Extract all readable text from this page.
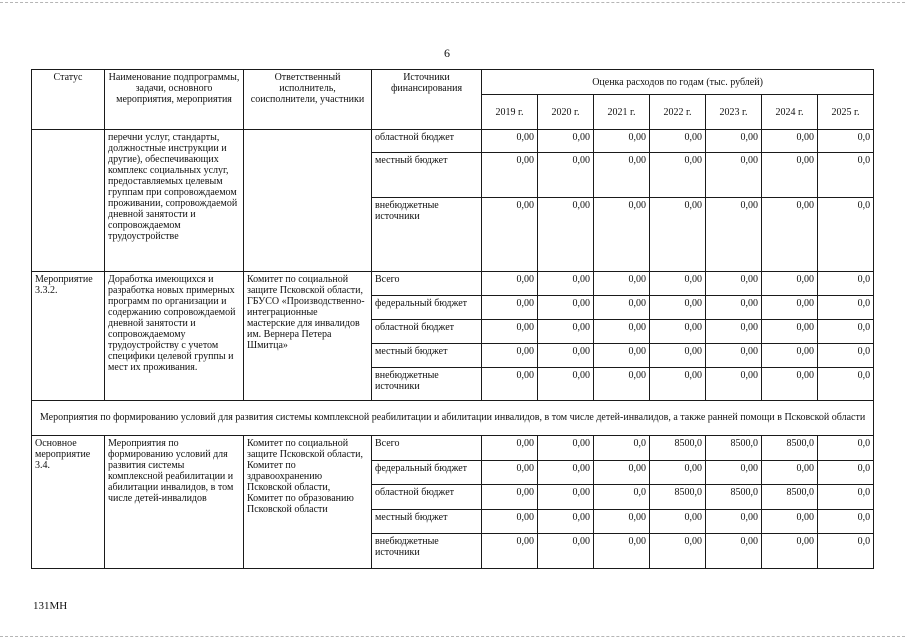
6
Статус	Наименование подпрограммы, задачи, основного мероприятия, мероприятия	Ответственный исполнитель, соисполнители, участники	Источники финансирования	Оценка расходов по годам (тыс. рублей)						
				2019 г.	2020 г.	2021 г.	2022 г.	2023 г.	2024 г.	2025 г.
	перечни услуг, стандарты, должностные инструкции и другие), обеспечивающих комплекс социальных услуг, предоставляемых целевым группам при сопровождаемом проживании, сопровождаемой дневной занятости и сопровождаемом трудоустройстве		областной бюджет	0,00	0,00	0,00	0,00	0,00	0,00	0,0
			местный бюджет	0,00	0,00	0,00	0,00	0,00	0,00	0,0
			внебюджетные источники	0,00	0,00	0,00	0,00	0,00	0,00	0,0
Мероприятие 3.3.2.	Доработка имеющихся и разработка новых примерных программ по организации и содержанию сопровождаемой дневной занятости и сопровождаемому трудоустройству с учетом специфики целевой группы и мест их проживания.	Комитет по социальной защите Псковской области, ГБУСО «Производственно-интеграционные мастерские для инвалидов им. Вернера Петера Шмитца»	Всего	0,00	0,00	0,00	0,00	0,00	0,00	0,0
			федеральный бюджет	0,00	0,00	0,00	0,00	0,00	0,00	0,0
			областной бюджет	0,00	0,00	0,00	0,00	0,00	0,00	0,0
			местный бюджет	0,00	0,00	0,00	0,00	0,00	0,00	0,0
			внебюджетные источники	0,00	0,00	0,00	0,00	0,00	0,00	0,0
Мероприятия по формированию условий для развития системы комплексной реабилитации и абилитации инвалидов, в том числе детей-инвалидов, а также ранней помощи в Псковской области										
Основное мероприятие 3.4.	Мероприятия по формированию условий для развития системы комплексной реабилитации и абилитации инвалидов, в том числе детей-инвалидов	Комитет по социальной защите Псковской области,
Комитет по здравоохранению Псковской области,
Комитет по образованию Псковской области	Всего	0,00	0,00	0,0	8500,0	8500,0	8500,0	0,0
			федеральный бюджет	0,00	0,00	0,00	0,00	0,00	0,00	0,0
			областной бюджет	0,00	0,00	0,0	8500,0	8500,0	8500,0	0,0
			местный бюджет	0,00	0,00	0,00	0,00	0,00	0,00	0,0
			внебюджетные источники	0,00	0,00	0,00	0,00	0,00	0,00	0,0
131МН
